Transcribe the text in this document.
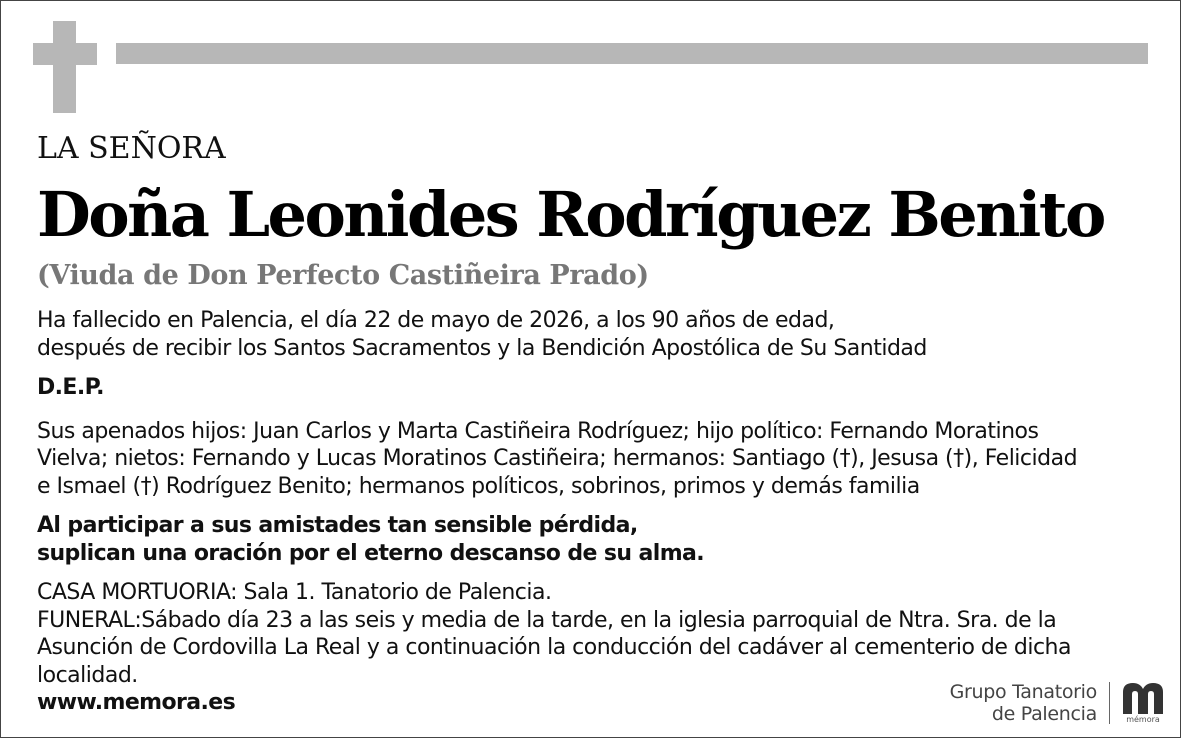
LA SEÑORA

Doña Leonides Rodríguez Benito

(Viuda de Don Perfecto Castiñeira Prado)

Ha fallecido en Palencia, el día 22 de mayo de 2026, a los 90 años de edad,
después de recibir los Santos Sacramentos y la Bendición Apostólica de Su Santidad

D.E.P.

Sus apenados hijos: Juan Carlos y Marta Castiñeira Rodríguez; hijo político: Fernando Moratinos
Vielva; nietos: Fernando y Lucas Moratinos Castiñeira; hermanos: Santiago (†), Jesusa (†), Felicidad
e Ismael (†) Rodríguez Benito; hermanos políticos, sobrinos, primos y demás familia

Al participar a sus amistades tan sensible pérdida,
suplican una oración por el eterno descanso de su alma.

CASA MORTUORIA: Sala 1. Tanatorio de Palencia.
FUNERAL:Sábado día 23 a las seis y media de la tarde, en la iglesia parroquial de Ntra. Sra. de la
Asunción de Cordovilla La Real y a continuación la conducción del cadáver al cementerio de dicha
localidad.

www.memora.es	Grupo Tanatorio
de Palencia	mémora
